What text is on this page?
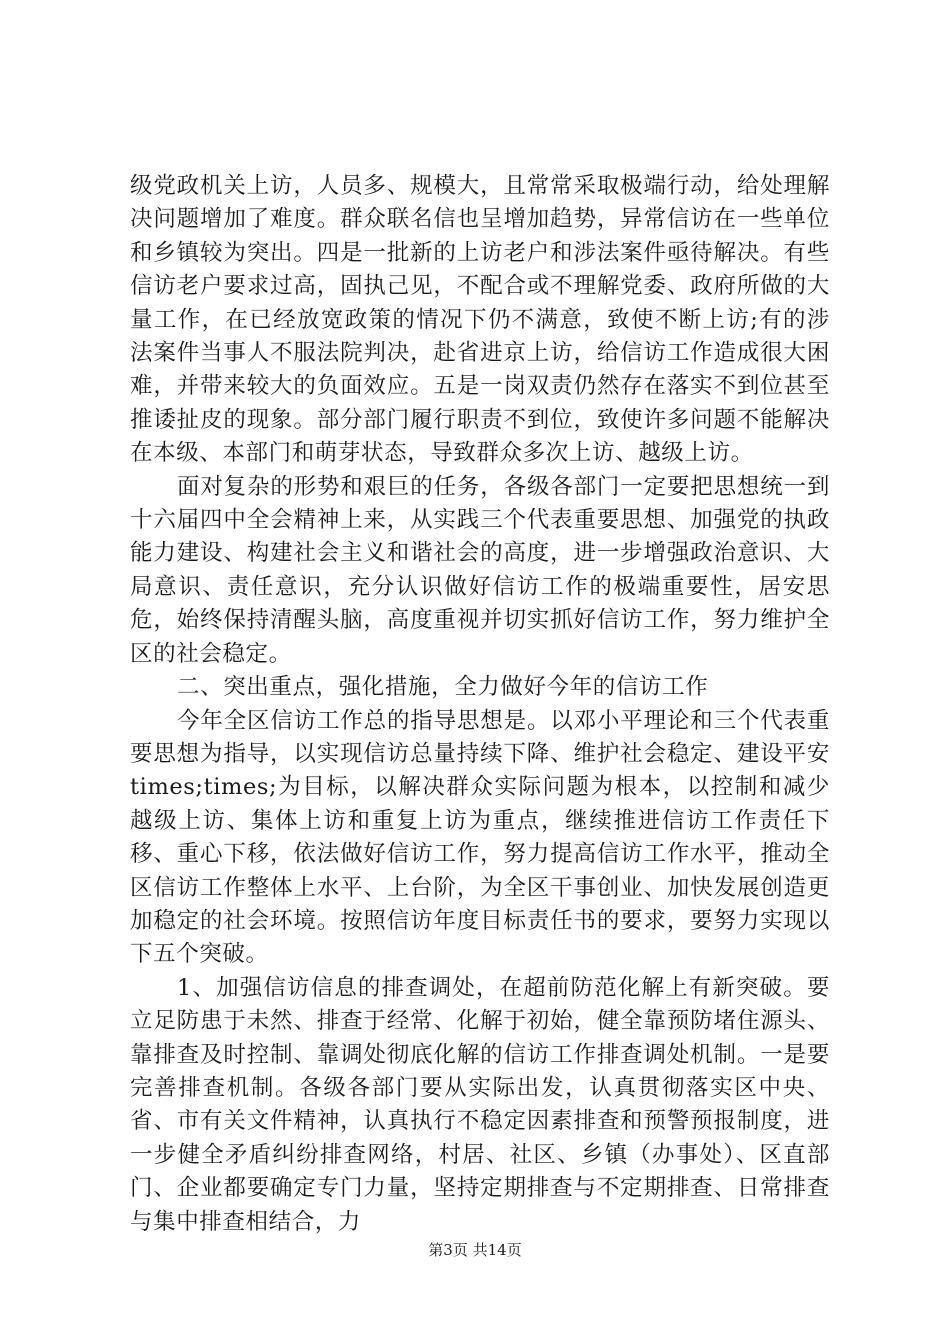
级党政机关上访，人员多、规模大，且常常采取极端行动，给处理解决问题增加了难度。群众联名信也呈增加趋势，异常信访在一些单位和乡镇较为突出。四是一批新的上访老户和涉法案件亟待解决。有些信访老户要求过高，固执己见，不配合或不理解党委、政府所做的大量工作，在已经放宽政策的情况下仍不满意，致使不断上访;有的涉法案件当事人不服法院判决，赴省进京上访，给信访工作造成很大困难，并带来较大的负面效应。五是一岗双责仍然存在落实不到位甚至推诿扯皮的现象。部分部门履行职责不到位，致使许多问题不能解决在本级、本部门和萌芽状态，导致群众多次上访、越级上访。

面对复杂的形势和艰巨的任务，各级各部门一定要把思想统一到十六届四中全会精神上来，从实践三个代表重要思想、加强党的执政能力建设、构建社会主义和谐社会的高度，进一步增强政治意识、大局意识、责任意识，充分认识做好信访工作的极端重要性，居安思危，始终保持清醒头脑，高度重视并切实抓好信访工作，努力维护全区的社会稳定。

二、突出重点，强化措施，全力做好今年的信访工作

今年全区信访工作总的指导思想是。以邓小平理论和三个代表重要思想为指导，以实现信访总量持续下降、维护社会稳定、建设平安times;times;为目标，以解决群众实际问题为根本，以控制和减少越级上访、集体上访和重复上访为重点，继续推进信访工作责任下移、重心下移，依法做好信访工作，努力提高信访工作水平，推动全区信访工作整体上水平、上台阶，为全区干事创业、加快发展创造更加稳定的社会环境。按照信访年度目标责任书的要求，要努力实现以下五个突破。

1、加强信访信息的排查调处，在超前防范化解上有新突破。要立足防患于未然、排查于经常、化解于初始，健全靠预防堵住源头、靠排查及时控制、靠调处彻底化解的信访工作排查调处机制。一是要完善排查机制。各级各部门要从实际出发，认真贯彻落实区中央、省、市有关文件精神，认真执行不稳定因素排查和预警预报制度，进一步健全矛盾纠纷排查网络，村居、社区、乡镇（办事处）、区直部门、企业都要确定专门力量，坚持定期排查与不定期排查、日常排查与集中排查相结合，力

第3页 共14页
